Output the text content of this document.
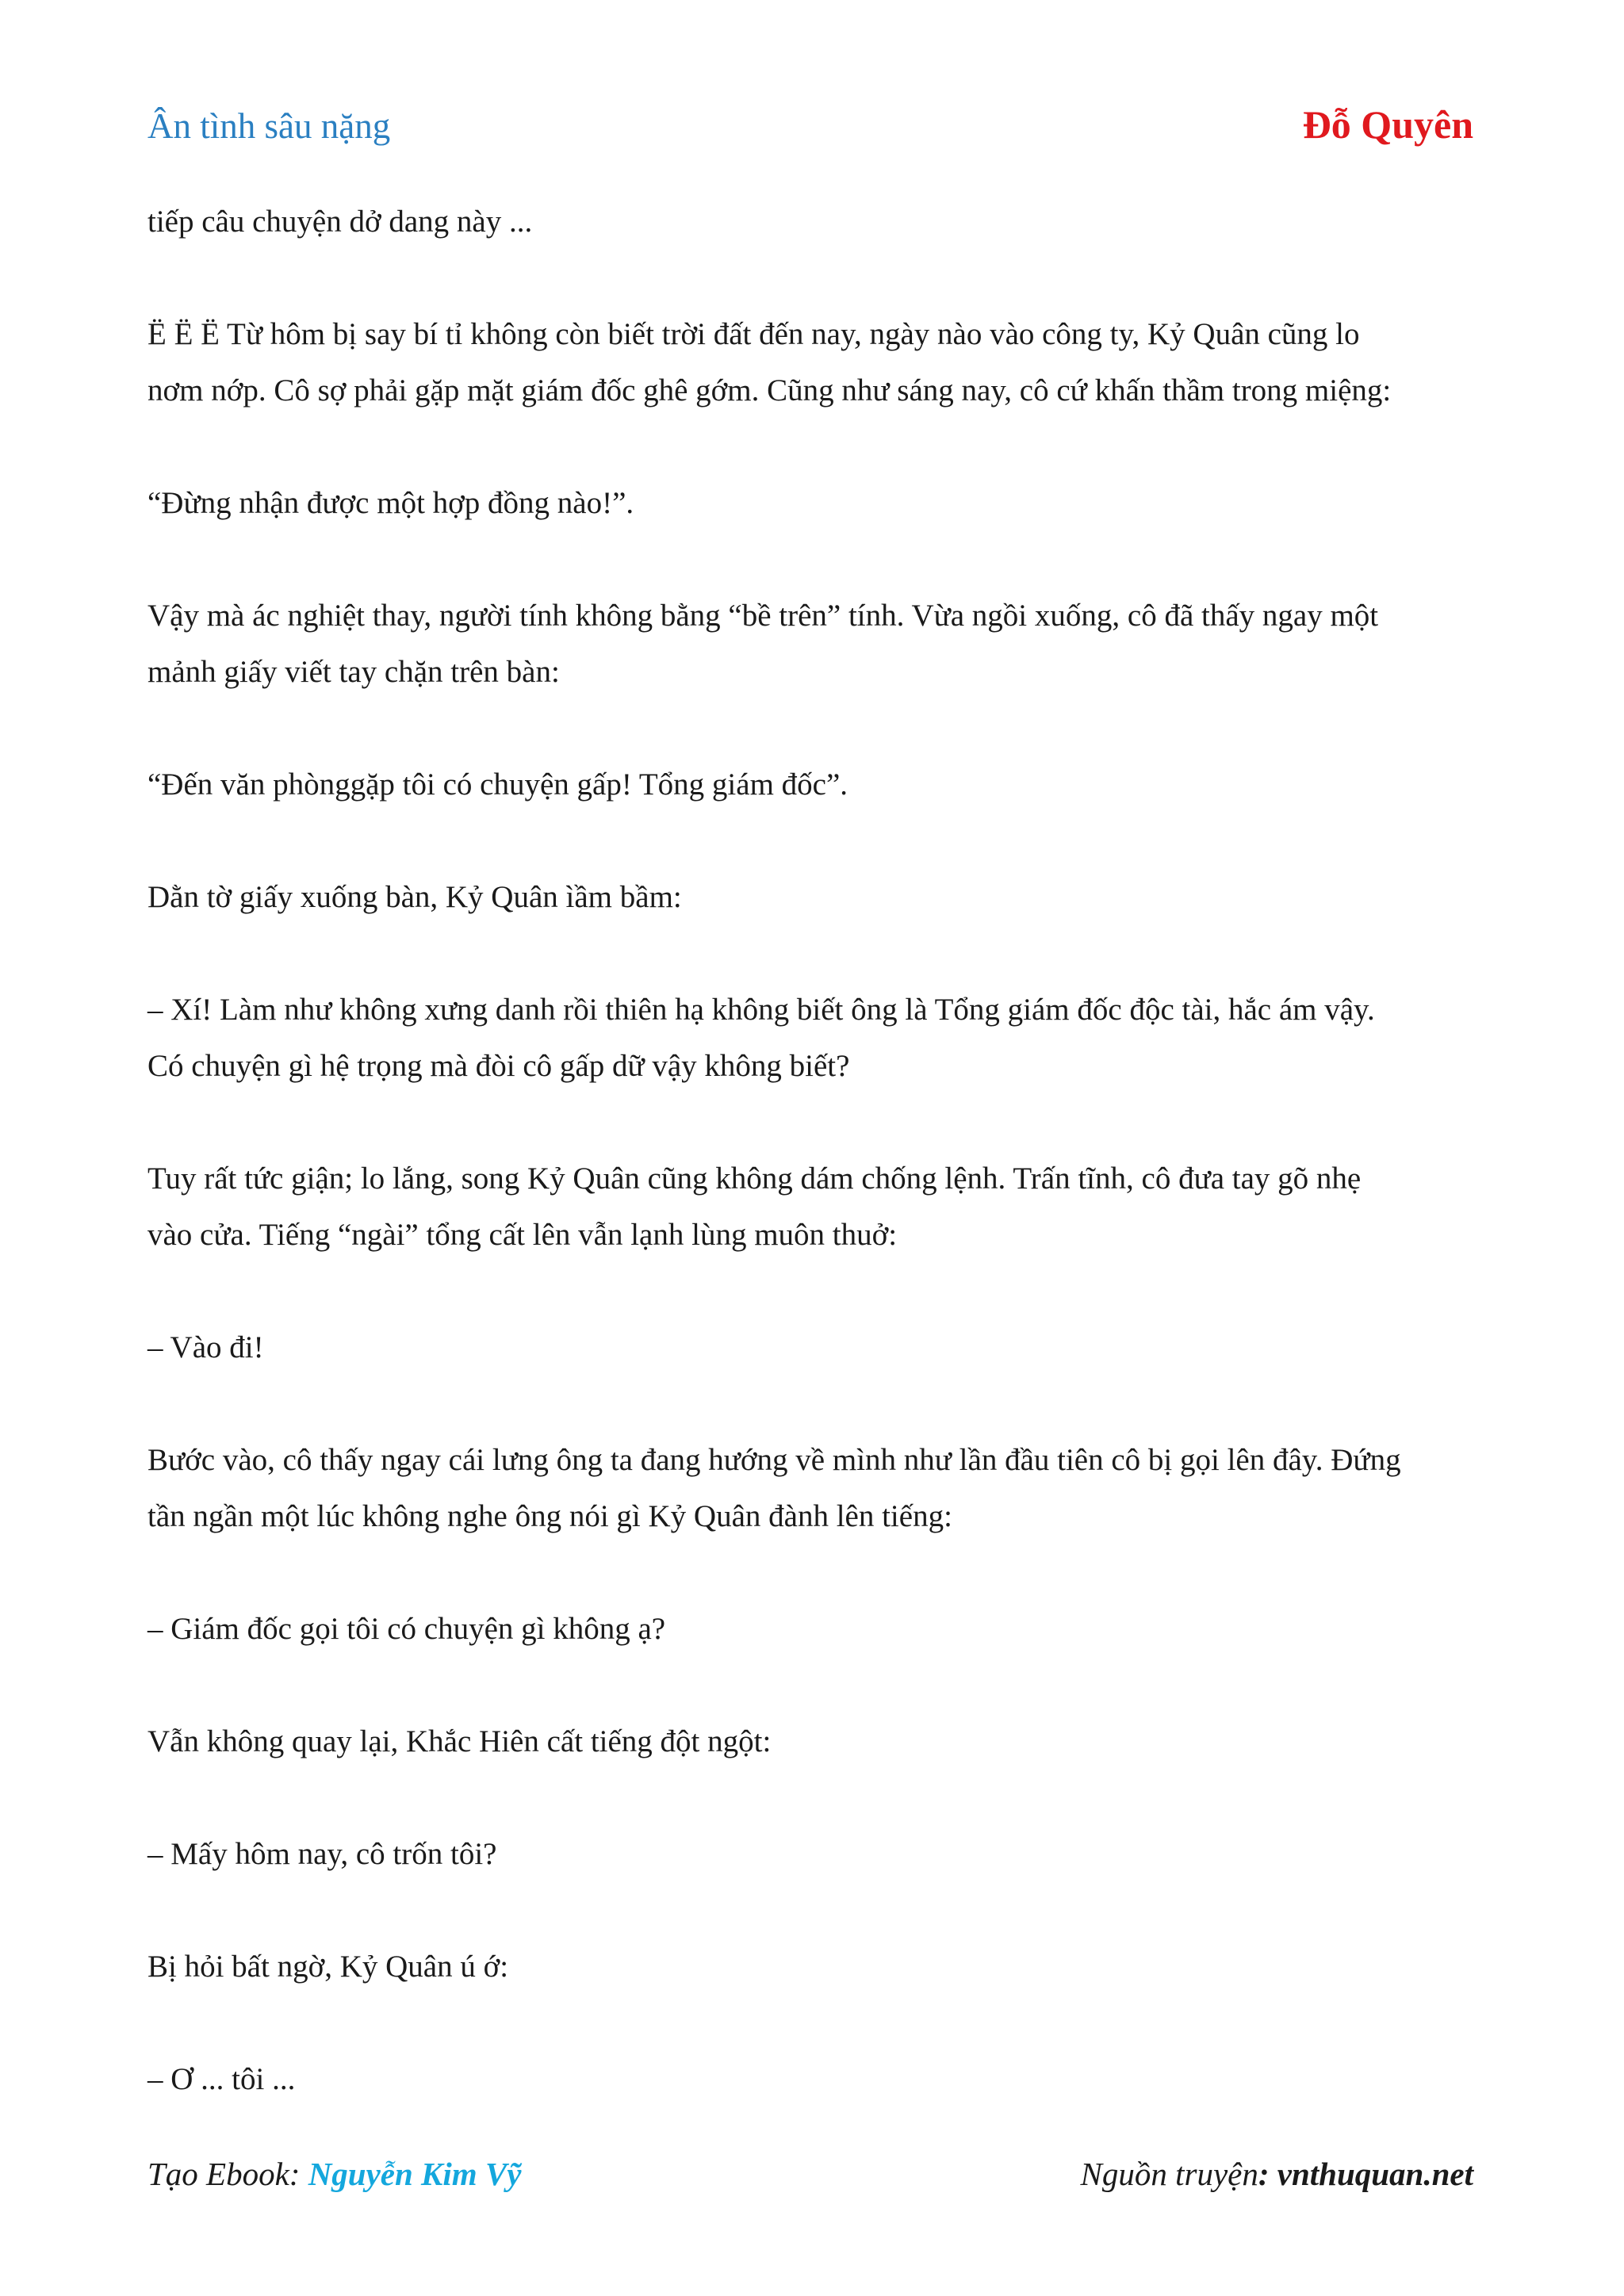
Ân tình sâu nặng	Đỗ Quyên

tiếp câu chuyện dở dang này ...

Ë Ë Ë Từ hôm bị say bí tỉ không còn biết trời đất đến nay, ngày nào vào công ty, Kỷ Quân cũng lo
nơm nớp. Cô sợ phải gặp mặt giám đốc ghê gớm. Cũng như sáng nay, cô cứ khấn thầm trong miệng:

“Đừng nhận được một hợp đồng nào!”.

Vậy mà ác nghiệt thay, người tính không bằng “bề trên” tính. Vừa ngồi xuống, cô đã thấy ngay một
mảnh giấy viết tay chặn trên bàn:

“Đến văn phònggặp tôi có chuyện gấp! Tổng giám đốc”.

Dằn tờ giấy xuống bàn, Kỷ Quân ìầm bầm:

– Xí! Làm như không xưng danh rồi thiên hạ không biết ông là Tổng giám đốc độc tài, hắc ám vậy.
Có chuyện gì hệ trọng mà đòi cô gấp dữ vậy không biết?

Tuy rất tức giận; lo lắng, song Kỷ Quân cũng không dám chống lệnh. Trấn tĩnh, cô đưa tay gõ nhẹ
vào cửa. Tiếng “ngài” tổng cất lên vẫn lạnh lùng muôn thuở:

– Vào đi!

Bước vào, cô thấy ngay cái lưng ông ta đang hướng về mình như lần đầu tiên cô bị gọi lên đây. Đứng
tần ngần một lúc không nghe ông nói gì Kỷ Quân đành lên tiếng:

– Giám đốc gọi tôi có chuyện gì không ạ?

Vẫn không quay lại, Khắc Hiên cất tiếng đột ngột:

– Mấy hôm nay, cô trốn tôi?

Bị hỏi bất ngờ, Kỷ Quân ú ớ:

– Ơ ... tôi ...

Tạo Ebook: Nguyễn Kim Vỹ	Nguồn truyện: vnthuquan.net
